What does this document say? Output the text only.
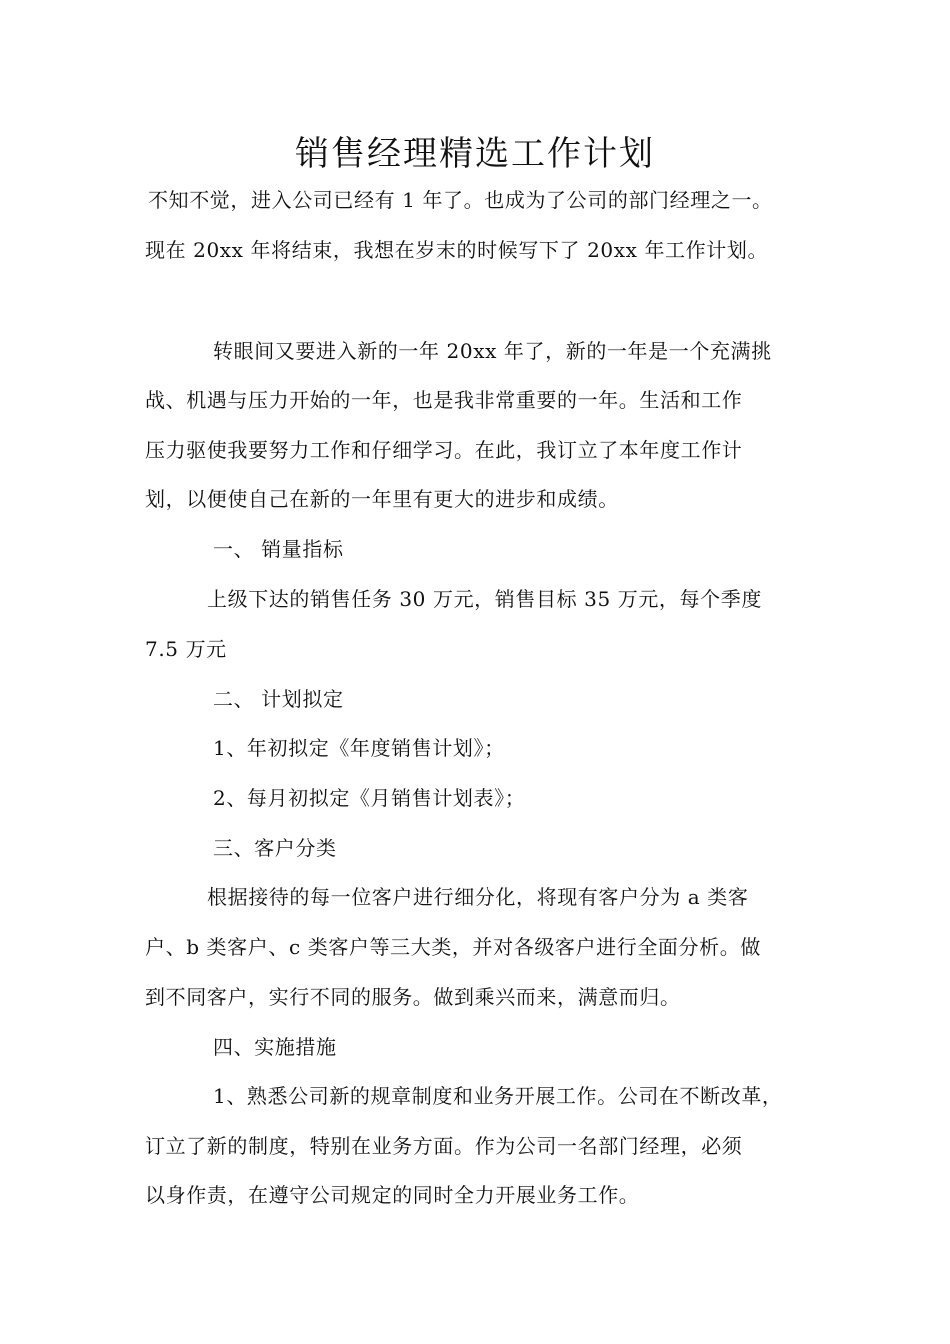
销售经理精选工作计划
不知不觉，进入公司已经有 1 年了。也成为了公司的部门经理之一。
现在 20xx 年将结束，我想在岁末的时候写下了 20xx 年工作计划。
转眼间又要进入新的一年 20xx 年了，新的一年是一个充满挑
战、机遇与压力开始的一年，也是我非常重要的一年。生活和工作
压力驱使我要努力工作和仔细学习。在此，我订立了本年度工作计
划，以便使自己在新的一年里有更大的进步和成绩。
一、 销量指标
上级下达的销售任务 30 万元，销售目标 35 万元，每个季度
7.5 万元
二、 计划拟定
1、年初拟定《年度销售计划》；
2、每月初拟定《月销售计划表》；
三、客户分类
根据接待的每一位客户进行细分化，将现有客户分为 a 类客
户、b 类客户、c 类客户等三大类，并对各级客户进行全面分析。做
到不同客户，实行不同的服务。做到乘兴而来，满意而归。
四、实施措施
1、熟悉公司新的规章制度和业务开展工作。公司在不断改革，
订立了新的制度，特别在业务方面。作为公司一名部门经理，必须
以身作责，在遵守公司规定的同时全力开展业务工作。
